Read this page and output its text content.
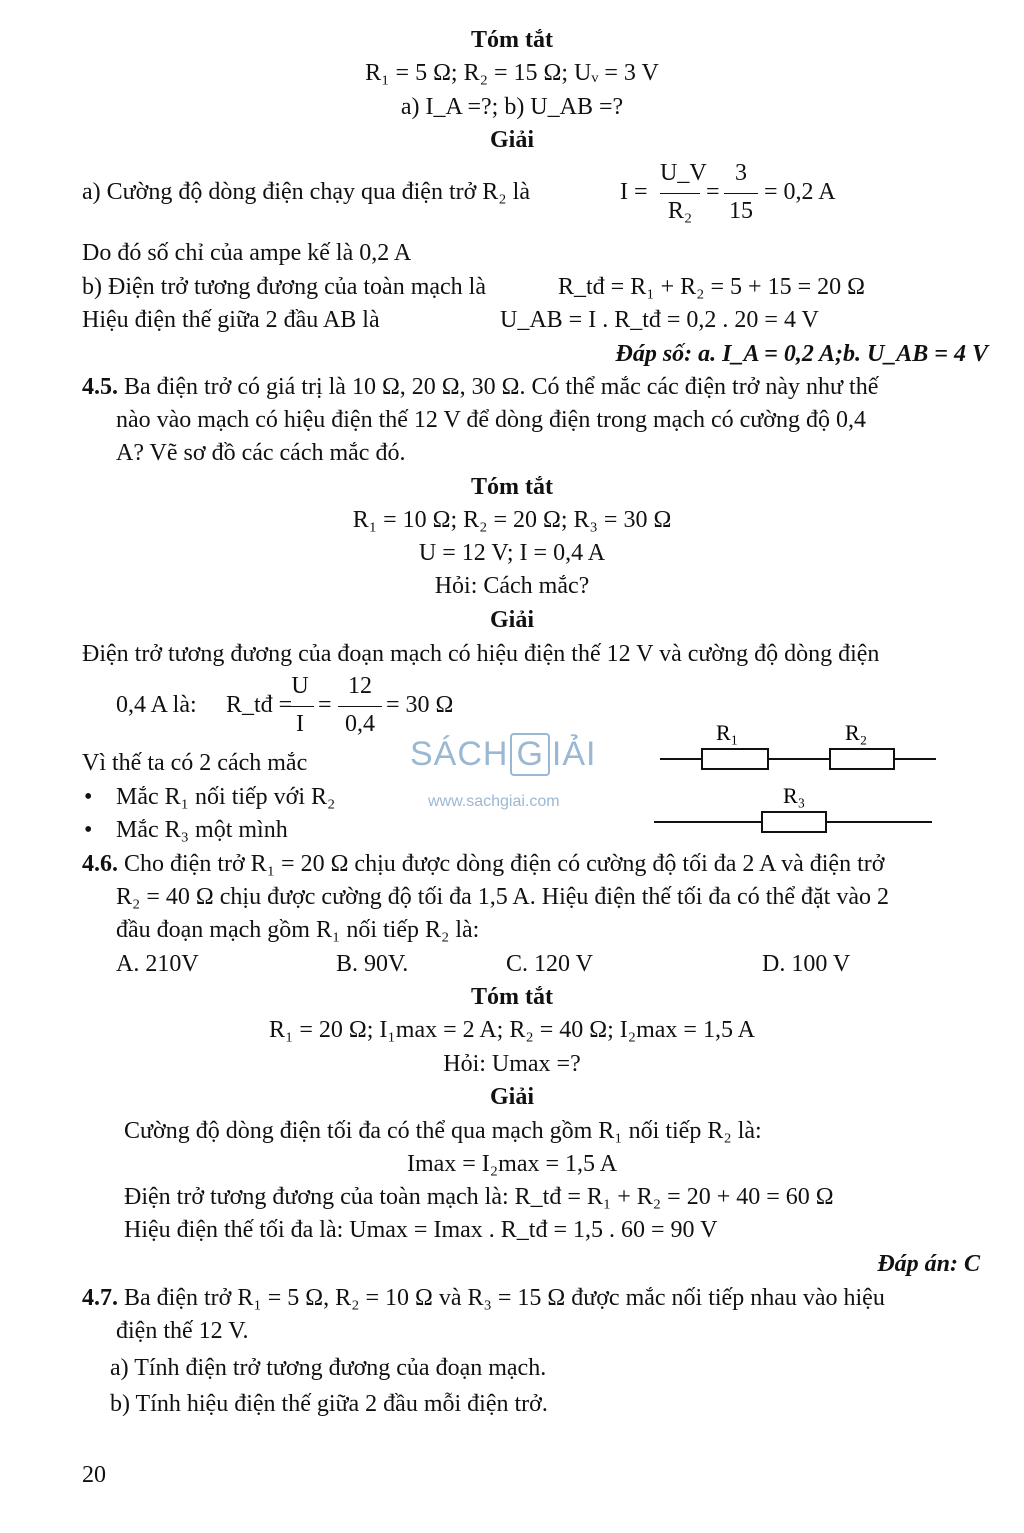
Tóm tắt
R₁ = 5 Ω; R₂ = 15 Ω; Uᵥ = 3 V
a) I_A =?; b) U_AB =?
Giải
a) Cường độ dòng điện chạy qua điện trở R₂ là	I =
U_V
R₂
=
3
15
= 0,2 A
Do đó số chỉ của ampe kế là 0,2 A
b) Điện trở tương đương của toàn mạch là	R_tđ = R₁ + R₂ = 5 + 15 = 20 Ω
Hiệu điện thế giữa 2 đầu AB là	U_AB = I . R_tđ = 0,2 . 20 = 4 V
Đáp số: a. I_A = 0,2 A;b. U_AB = 4 V
4.5. Ba điện trở có giá trị là 10 Ω, 20 Ω, 30 Ω. Có thể mắc các điện trở này như thế
nào vào mạch có hiệu điện thế 12 V để dòng điện trong mạch có cường độ 0,4
A? Vẽ sơ đồ các cách mắc đó.
Tóm tắt
R₁ = 10 Ω; R₂ = 20 Ω; R₃ = 30 Ω
U = 12 V; I = 0,4 A
Hỏi: Cách mắc?
Giải
Điện trở tương đương của đoạn mạch có hiệu điện thế 12 V và cường độ dòng điện
0,4 A là: R_tđ =
U
I
=
12
0,4
= 30 Ω
Vì thế ta có 2 cách mắc
• Mắc R₁ nối tiếp với R₂
• Mắc R₃ một mình
SÁCH G IẢI
www.sachgiai.com
R₁	R₂
R₃
4.6. Cho điện trở R₁ = 20 Ω chịu được dòng điện có cường độ tối đa 2 A và điện trở
R₂ = 40 Ω chịu được cường độ tối đa 1,5 A. Hiệu điện thế tối đa có thể đặt vào 2
đầu đoạn mạch gồm R₁ nối tiếp R₂ là:
A. 210V	B. 90V.	C. 120 V	D. 100 V
Tóm tắt
R₁ = 20 Ω; I₁max = 2 A; R₂ = 40 Ω; I₂max = 1,5 A
Hỏi: Umax =?
Giải
Cường độ dòng điện tối đa có thể qua mạch gồm R₁ nối tiếp R₂ là:
Imax = I₂max = 1,5 A
Điện trở tương đương của toàn mạch là: R_tđ = R₁ + R₂ = 20 + 40 = 60 Ω
Hiệu điện thế tối đa là: Umax = Imax . R_tđ = 1,5 . 60 = 90 V
Đáp án: C
4.7. Ba điện trở R₁ = 5 Ω, R₂ = 10 Ω và R₃ = 15 Ω được mắc nối tiếp nhau vào hiệu
điện thế 12 V.
a) Tính điện trở tương đương của đoạn mạch.
b) Tính hiệu điện thế giữa 2 đầu mỗi điện trở.
20
